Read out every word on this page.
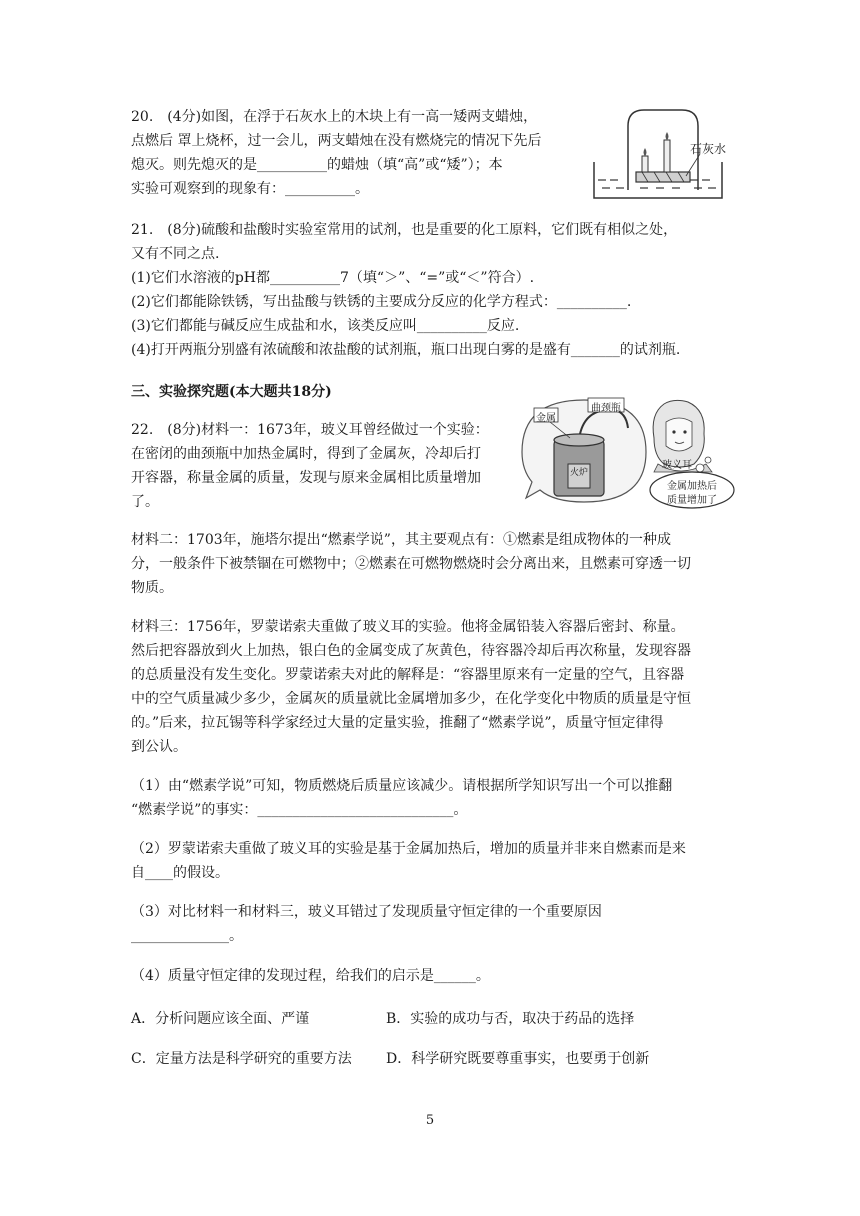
20.　(4分)如图，在浮于石灰水上的木块上有一高一矮两支蜡烛，
点燃后 罩上烧杯，过一会儿，两支蜡烛在没有燃烧完的情况下先后
熄灭。则先熄灭的是__________的蜡烛（填“高”或“矮”）；本
实验可观察到的现象有：__________。
石灰水
21.　(8分)硫酸和盐酸时实验室常用的试剂，也是重要的化工原料，它们既有相似之处，
又有不同之点.
(1)它们水溶液的pH都__________7（填“＞”、“=”或“＜”符合）.
(2)它们都能除铁锈，写出盐酸与铁锈的主要成分反应的化学方程式：__________.
(3)它们都能与碱反应生成盐和水，该类反应叫__________反应.
(4)打开两瓶分别盛有浓硫酸和浓盐酸的试剂瓶，瓶口出现白雾的是盛有_______的试剂瓶.
三、实验探究题(本大题共18分)
22.　(8分)材料一：1673年，玻义耳曾经做过一个实验：
在密闭的曲颈瓶中加热金属时，得到了金属灰，冷却后打
开容器，称量金属的质量，发现与原来金属相比质量增加
了。
金属
曲颈瓶
火炉
玻义耳
金属加热后
质量增加了
材料二：1703年，施塔尔提出“燃素学说”，其主要观点有：①燃素是组成物体的一种成
分，一般条件下被禁锢在可燃物中；②燃素在可燃物燃烧时会分离出来，且燃素可穿透一切
物质。
材料三：1756年，罗蒙诺索夫重做了玻义耳的实验。他将金属铅装入容器后密封、称量。
然后把容器放到火上加热，银白色的金属变成了灰黄色，待容器冷却后再次称量，发现容器
的总质量没有发生变化。罗蒙诺索夫对此的解释是：“容器里原来有一定量的空气，且容器
中的空气质量减少多少，金属灰的质量就比金属增加多少，在化学变化中物质的质量是守恒
的。”后来，拉瓦锡等科学家经过大量的定量实验，推翻了“燃素学说”，质量守恒定律得
到公认。
（1）由“燃素学说”可知，物质燃烧后质量应该减少。请根据所学知识写出一个可以推翻
“燃素学说”的事实：____________________________。
（2）罗蒙诺索夫重做了玻义耳的实验是基于金属加热后，增加的质量并非来自燃素而是来
自____的假设。
（3）对比材料一和材料三，玻义耳错过了发现质量守恒定律的一个重要原因
______________。
（4）质量守恒定律的发现过程，给我们的启示是______。
A．分析问题应该全面、严谨	B．实验的成功与否，取决于药品的选择
C．定量方法是科学研究的重要方法 D．科学研究既要尊重事实，也要勇于创新
5
